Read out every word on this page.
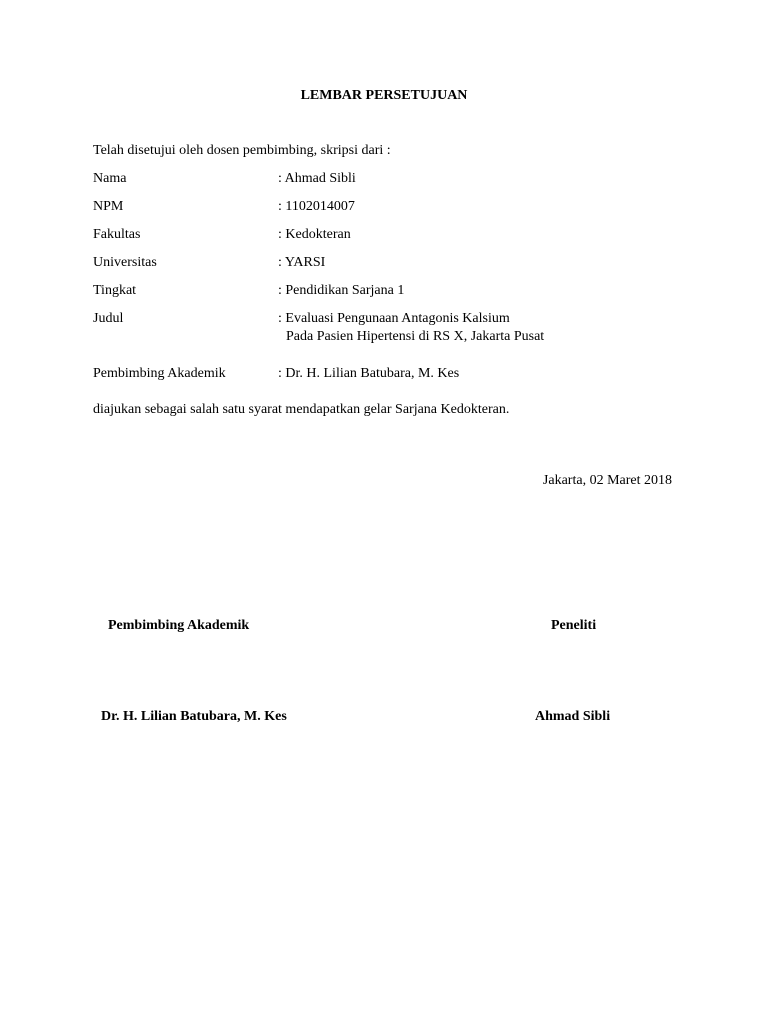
LEMBAR PERSETUJUAN
Telah disetujui oleh dosen pembimbing, skripsi dari :
Nama	: Ahmad Sibli
NPM	: 1102014007
Fakultas	: Kedokteran
Universitas	: YARSI
Tingkat	: Pendidikan Sarjana 1
Judul	: Evaluasi Pengunaan Antagonis Kalsium
Pada Pasien Hipertensi di RS X, Jakarta Pusat
Pembimbing Akademik	: Dr. H. Lilian Batubara, M. Kes
diajukan sebagai salah satu syarat mendapatkan gelar Sarjana Kedokteran.
Jakarta, 02 Maret 2018
Pembimbing Akademik	Peneliti
Dr. H. Lilian Batubara, M. Kes	Ahmad Sibli
